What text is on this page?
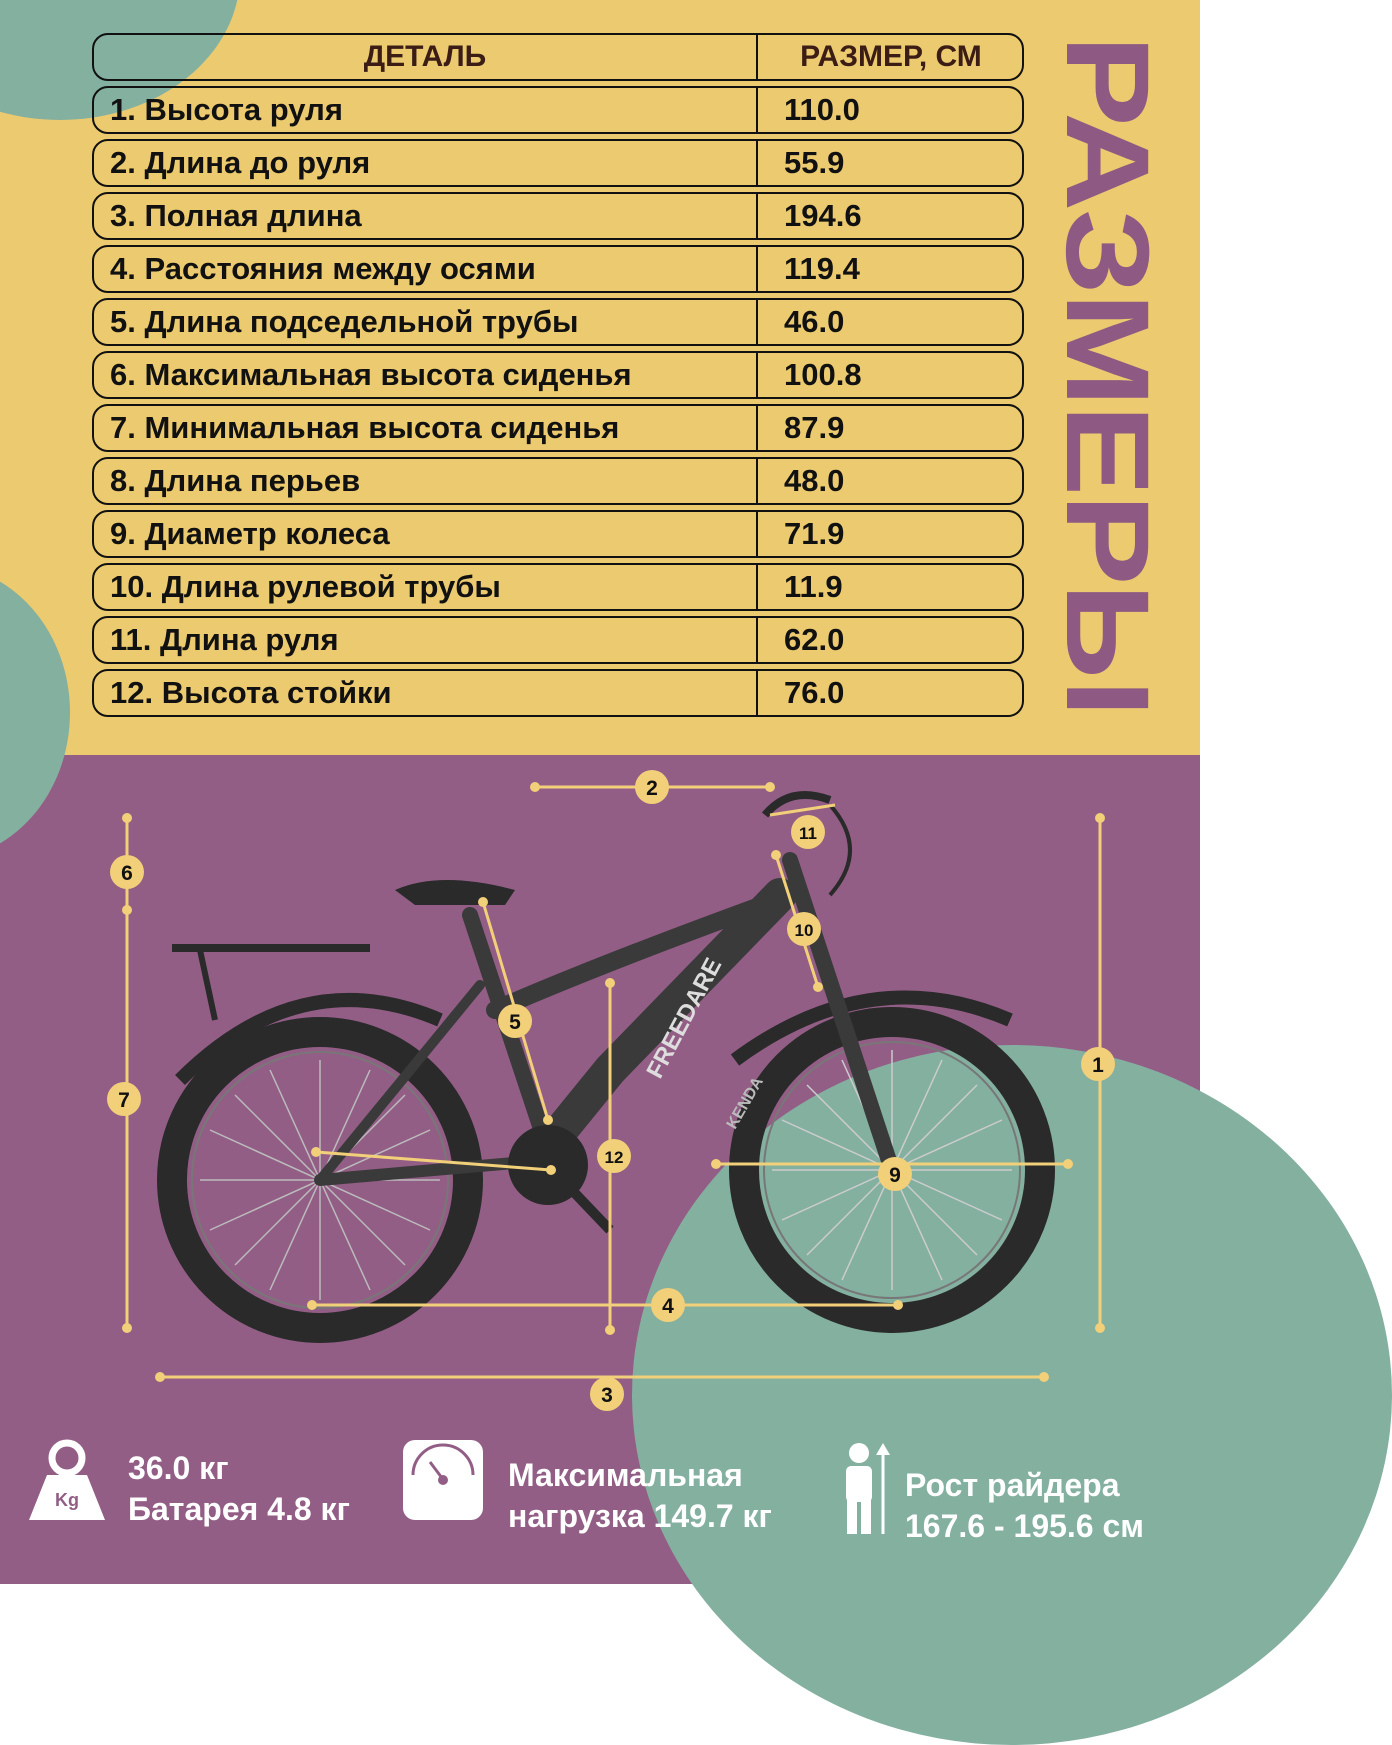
ДЕТАЛЬ	РАЗМЕР, СМ
1. Высота руля	110.0
2. Длина до руля	55.9
3. Полная длина	194.6
4. Расстояния между осями	119.4
5. Длина подседельной трубы	46.0
6. Максимальная высота сиденья	100.8
7. Минимальная высота сиденья	87.9
8. Длина перьев	48.0
9. Диаметр колеса	71.9
10. Длина рулевой трубы	11.9
11. Длина руля	62.0
12. Высота стойки	76.0
РАЗМЕРЫ
FREEDARE
KENDA
1
2
3
4
5
6
7
9
10
11
12
Kg
36.0 кг
Батарея 4.8 кг
Максимальная
нагрузка 149.7 кг
Рост райдера
167.6 - 195.6 см
